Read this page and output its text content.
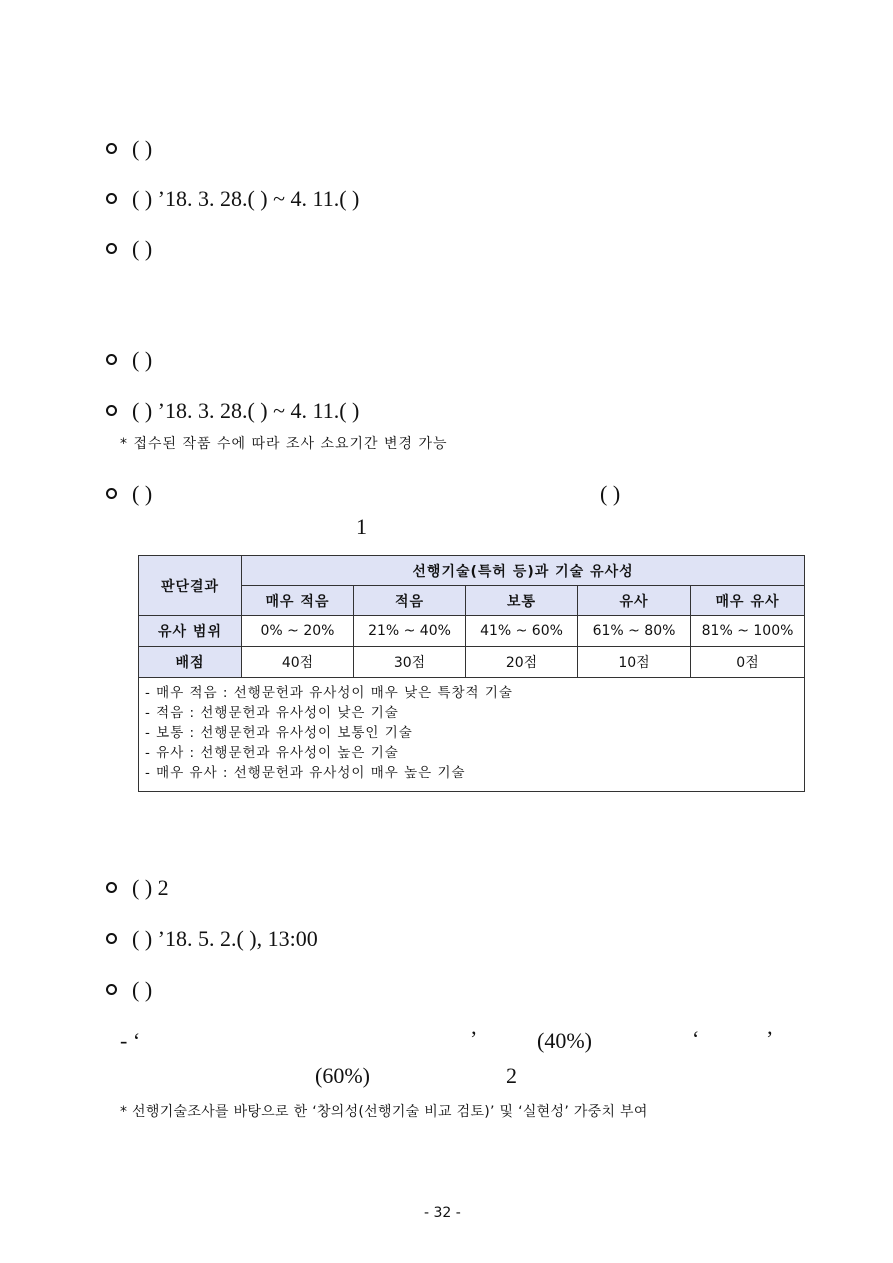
( )
( ) ’18. 3. 28.( ) ~ 4. 11.( )
( )
( )
( ) ’18. 3. 28.( ) ~ 4. 11.( )
* 접수된 작품 수에 따라 조사 소요기간 변경 가능
( )	( )
1
판단결과	선행기술(특허 등)과 기술 유사성				
	매우 적음	적음	보통	유사	매우 유사
유사 범위	0% ~ 20%	21% ~ 40%	41% ~ 60%	61% ~ 80%	81% ~ 100%
배점	40점	30점	20점	10점	0점

- 매우 적음 : 선행문헌과 유사성이 매우 낮은 특창적 기술
- 적음 : 선행문헌과 유사성이 낮은 기술
- 보통 : 선행문헌과 유사성이 보통인 기술
- 유사 : 선행문헌과 유사성이 높은 기술
- 매우 유사 : 선행문헌과 유사성이 매우 높은 기술					
( ) 2
( ) ’18. 5. 2.( ), 13:00
( )
- ‘	’	(40%)	‘	’
(60%)	2
* 선행기술조사를 바탕으로 한 ‘창의성(선행기술 비교 검토)’ 및 ‘실현성’ 가중치 부여
- 32 -
